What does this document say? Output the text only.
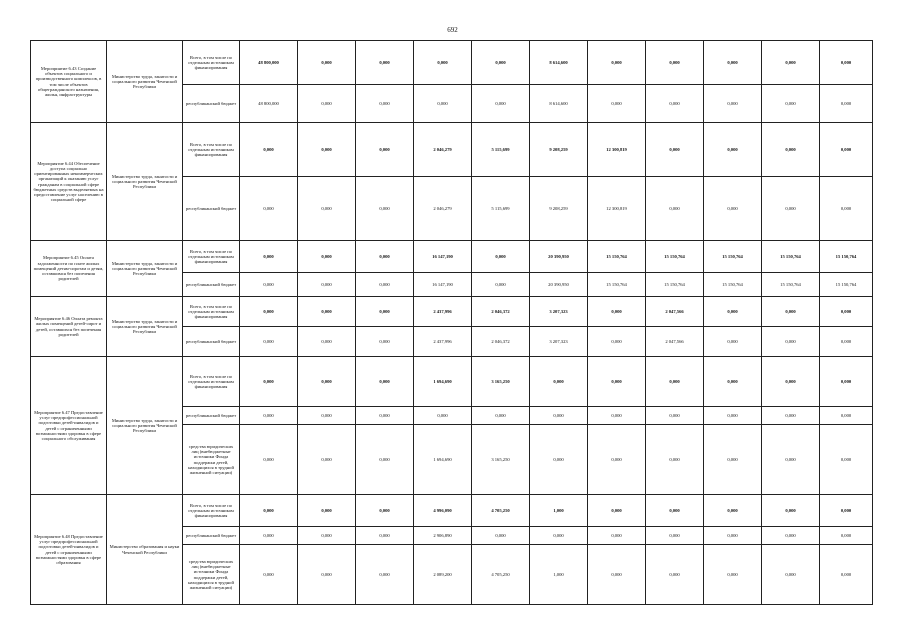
692
Мероприятие 6.43 Создание объектов социального и производственного комплексов, в том числе объектов общегражданского назначения, жилья, инфраструктуры	Министерство труда, занятости и социального развития Чеченской Республики	Всего, в том числе по отдельным источникам финансирования	48 800,000	0,000	0,000	0,000	0,000	8 614,600	0,000	0,000	0,000	0,000	0,000
		республиканский бюджет	48 800,000	0,000	0,000	0,000	0,000	8 614,600	0,000	0,000	0,000	0,000	0,000
Мероприятие 6.44 Обеспечение доступа социально ориентированных некоммерческих организаций к оказанию услуг гражданам в социальной сфере бюджетных средств выделяемых на предоставление услуг населению в социальной сфере	Министерство труда, занятости и социального развития Чеченской Республики	Всего, в том числе по отдельным источникам финансирования	0,000	0,000	0,000	2 046,279	5 115,699	9 208,259	12 300,819	0,000	0,000	0,000	0,000
		республиканский бюджет	0,000	0,000	0,000	2 046,279	5 115,699	9 208,259	12 300,819	0,000	0,000	0,000	0,000
Мероприятие 6.45 Оплата задолженности по плате жилых помещений детям-сиротам и детям, оставшимся без попечения родителей	Министерство труда, занятости и социального развития Чеченской Республики	Всего, в том числе по отдельным источникам финансирования	0,000	0,000	0,000	16 147,190	0,000	20 390,950	15 150,764	15 150,764	15 150,764	15 150,764	15 150,764
		республиканский бюджет	0,000	0,000	0,000	16 147,190	0,000	20 390,950	15 150,764	15 150,764	15 150,764	15 150,764	15 150,764
Мероприятие 6.46 Оплата ремонта жилых помещений детей-сирот и детей, оставшихся без попечения родителей	Министерство труда, занятости и социального развития Чеченской Республики	Всего, в том числе по отдельным источникам финансирования	0,000	0,000	0,000	2 437,996	2 046,372	3 207,323	0,000	2 047,566	0,000	0,000	0,000
		республиканский бюджет	0,000	0,000	0,000	2 437,996	2 046,372	3 207,323	0,000	2 047,566	0,000	0,000	0,000
Мероприятие 6.47 Предоставление услуг предпрофессиональной подготовки детей-инвалидов и детей с ограниченными возможностями здоровья в сфере социального обслуживания	Министерство труда, занятости и социального развития Чеченской Республики	Всего, в том числе по отдельным источникам финансирования	0,000	0,000	0,000	1 694,690	3 165,250	0,000	0,000	0,000	0,000	0,000	0,000
		республиканский бюджет	0,000	0,000	0,000	0,000	0,000	0,000	0,000	0,000	0,000	0,000	0,000
		средства юридических лиц (внебюджетные источники Фонда поддержки детей, находящихся в трудной жизненной ситуации)	0,000	0,000	0,000	1 694,690	3 165,250	0,000	0,000	0,000	0,000	0,000	0,000
Мероприятие 6.48 Предоставление услуг предпрофессиональной подготовки детей-инвалидов и детей с ограниченными возможностями здоровья в сфере образования	Министерство образования и науки Чеченской Республики	Всего, в том числе по отдельным источникам финансирования	0,000	0,000	0,000	4 996,090	4 705,250	1,000	0,000	0,000	0,000	0,000	0,000
		республиканский бюджет	0,000	0,000	0,000	2 906,890	0,000	0,000	0,000	0,000	0,000	0,000	0,000
		средства юридических лиц (внебюджетные источники Фонда поддержки детей, находящихся в трудной жизненной ситуации)	0,000	0,000	0,000	2 089,200	4 705,250	1,000	0,000	0,000	0,000	0,000	0,000
